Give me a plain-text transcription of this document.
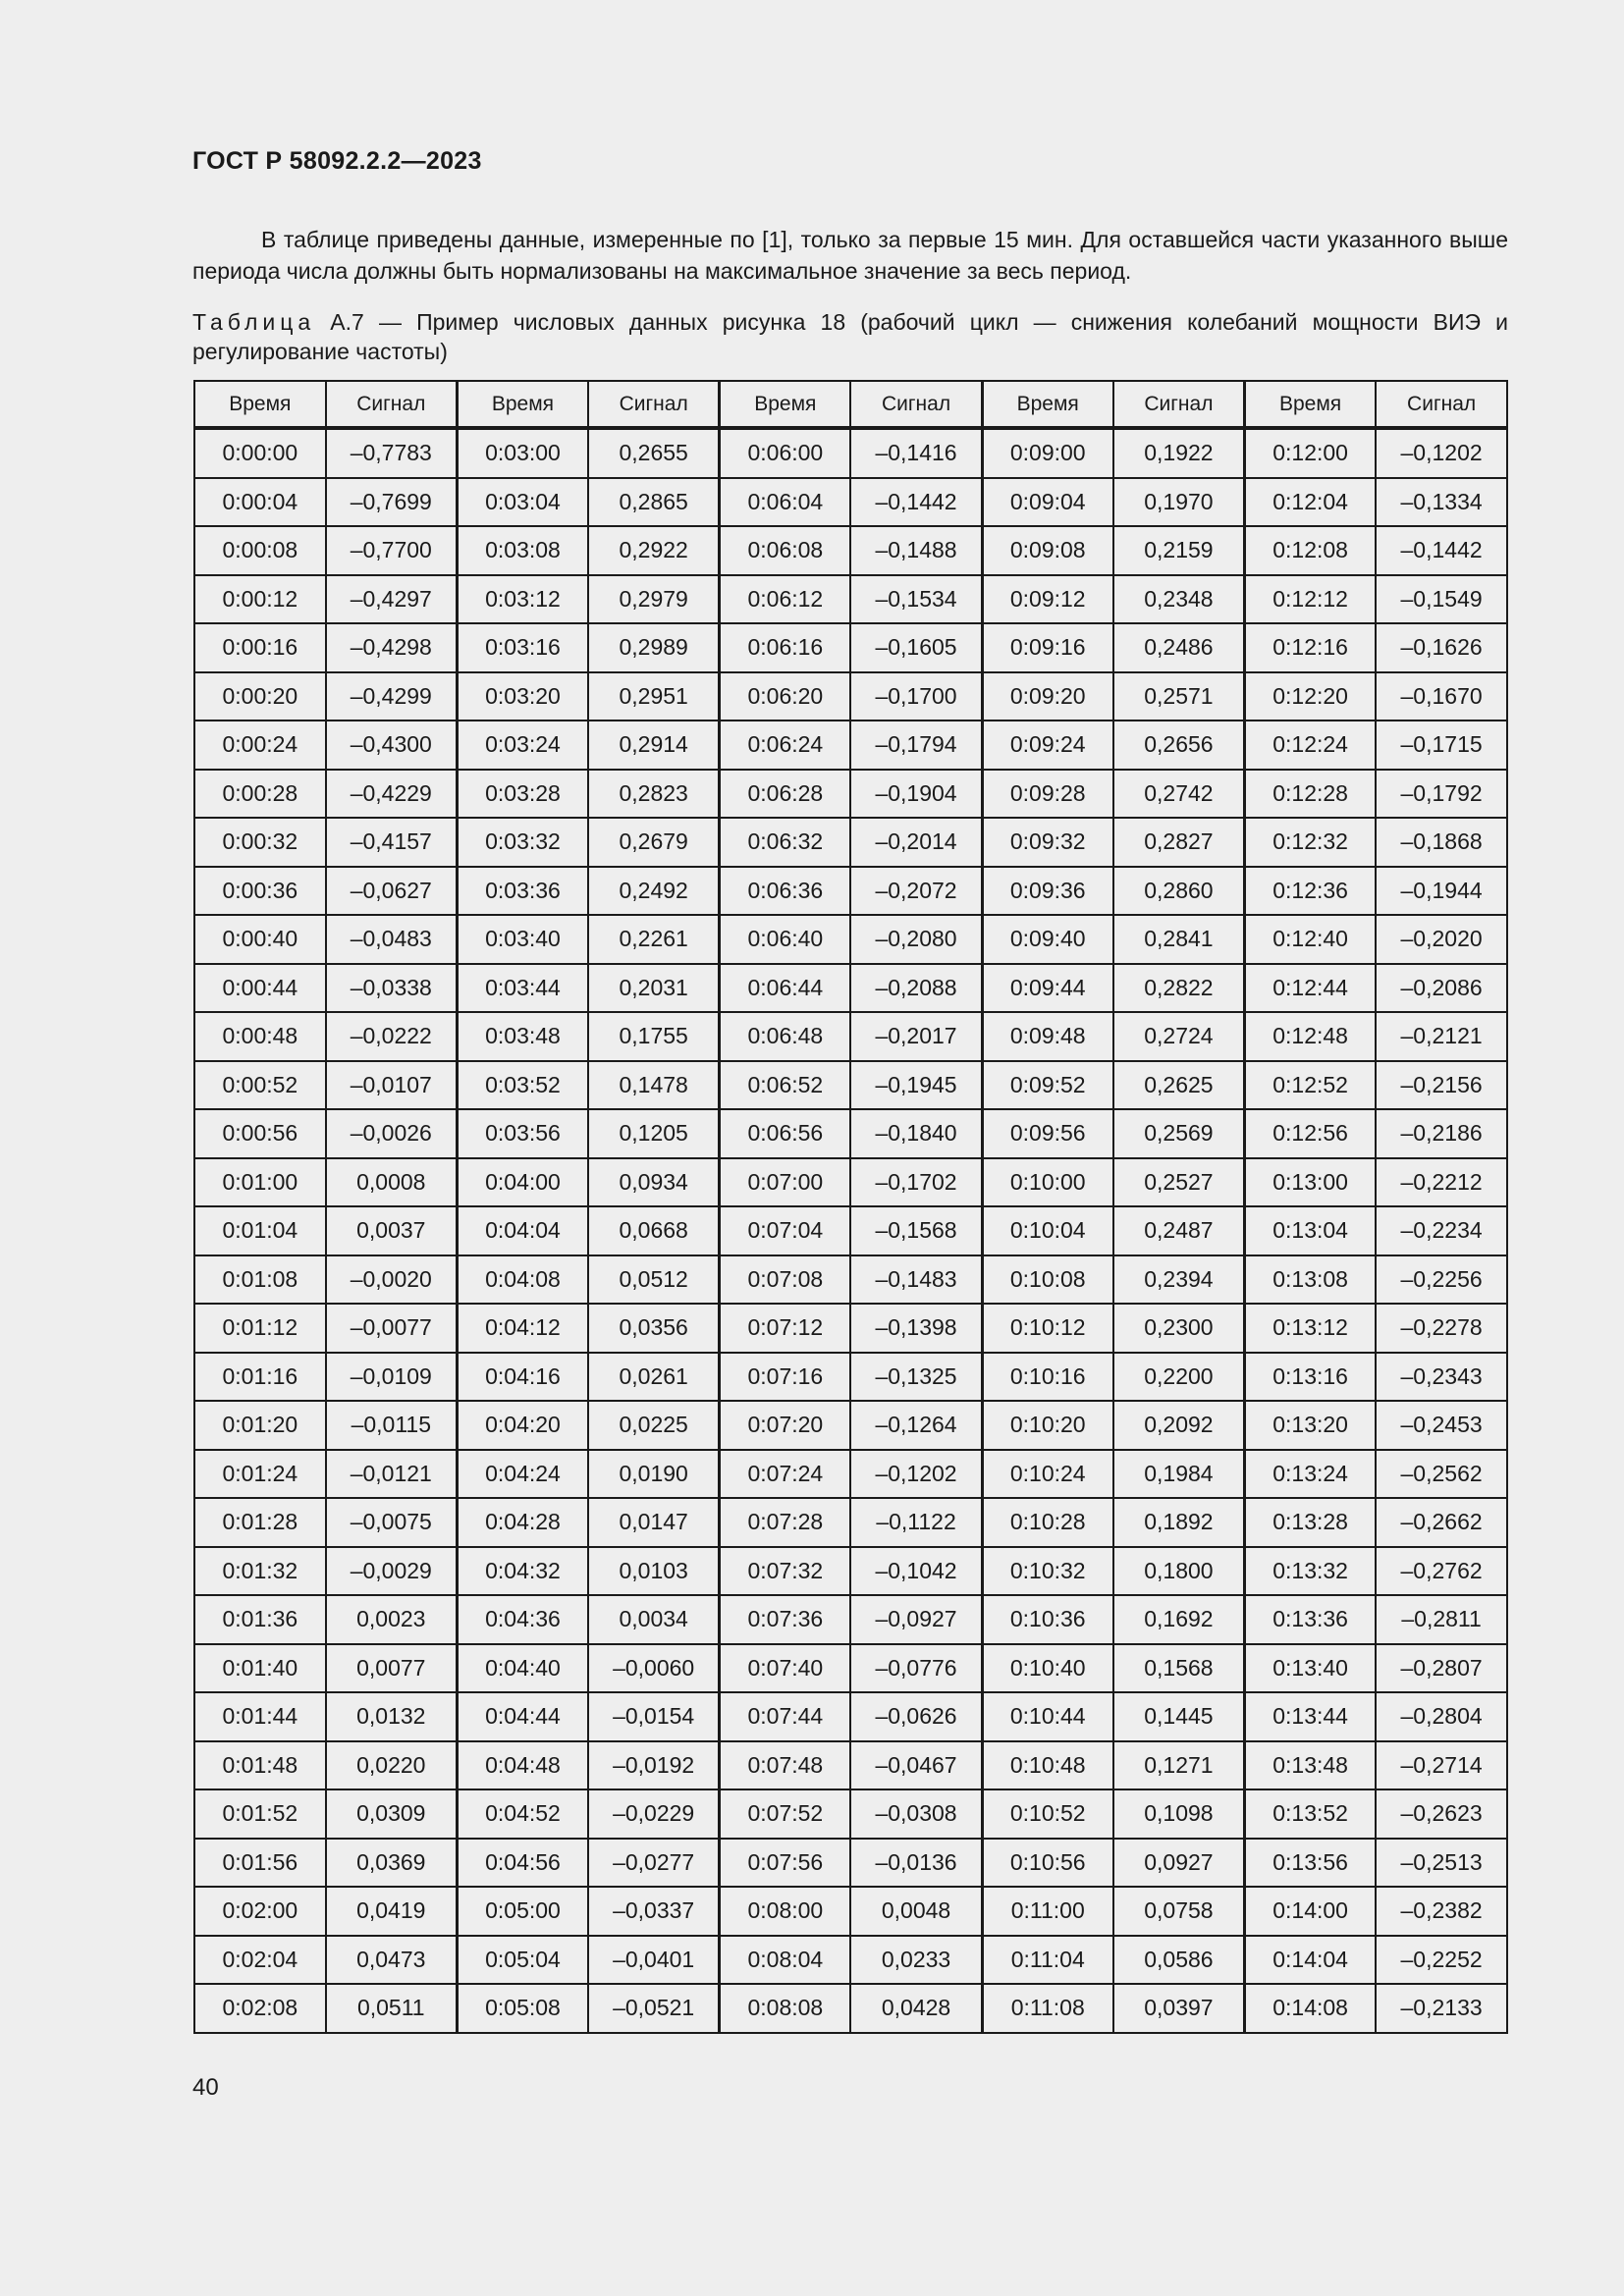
ГОСТ Р 58092.2.2—2023

В таблице приведены данные, измеренные по [1], только за первые 15 мин. Для оставшейся части указанного выше периода числа должны быть нормализованы на максимальное значение за весь период.

Таблица А.7 — Пример числовых данных рисунка 18 (рабочий цикл — снижения колебаний мощности ВИЭ и регулирование частоты)
Время	Сигнал	Время	Сигнал	Время	Сигнал	Время	Сигнал	Время	Сигнал
0:00:00	–0,7783	0:03:00	0,2655	0:06:00	–0,1416	0:09:00	0,1922	0:12:00	–0,1202
0:00:04	–0,7699	0:03:04	0,2865	0:06:04	–0,1442	0:09:04	0,1970	0:12:04	–0,1334
0:00:08	–0,7700	0:03:08	0,2922	0:06:08	–0,1488	0:09:08	0,2159	0:12:08	–0,1442
0:00:12	–0,4297	0:03:12	0,2979	0:06:12	–0,1534	0:09:12	0,2348	0:12:12	–0,1549
0:00:16	–0,4298	0:03:16	0,2989	0:06:16	–0,1605	0:09:16	0,2486	0:12:16	–0,1626
0:00:20	–0,4299	0:03:20	0,2951	0:06:20	–0,1700	0:09:20	0,2571	0:12:20	–0,1670
0:00:24	–0,4300	0:03:24	0,2914	0:06:24	–0,1794	0:09:24	0,2656	0:12:24	–0,1715
0:00:28	–0,4229	0:03:28	0,2823	0:06:28	–0,1904	0:09:28	0,2742	0:12:28	–0,1792
0:00:32	–0,4157	0:03:32	0,2679	0:06:32	–0,2014	0:09:32	0,2827	0:12:32	–0,1868
0:00:36	–0,0627	0:03:36	0,2492	0:06:36	–0,2072	0:09:36	0,2860	0:12:36	–0,1944
0:00:40	–0,0483	0:03:40	0,2261	0:06:40	–0,2080	0:09:40	0,2841	0:12:40	–0,2020
0:00:44	–0,0338	0:03:44	0,2031	0:06:44	–0,2088	0:09:44	0,2822	0:12:44	–0,2086
0:00:48	–0,0222	0:03:48	0,1755	0:06:48	–0,2017	0:09:48	0,2724	0:12:48	–0,2121
0:00:52	–0,0107	0:03:52	0,1478	0:06:52	–0,1945	0:09:52	0,2625	0:12:52	–0,2156
0:00:56	–0,0026	0:03:56	0,1205	0:06:56	–0,1840	0:09:56	0,2569	0:12:56	–0,2186
0:01:00	0,0008	0:04:00	0,0934	0:07:00	–0,1702	0:10:00	0,2527	0:13:00	–0,2212
0:01:04	0,0037	0:04:04	0,0668	0:07:04	–0,1568	0:10:04	0,2487	0:13:04	–0,2234
0:01:08	–0,0020	0:04:08	0,0512	0:07:08	–0,1483	0:10:08	0,2394	0:13:08	–0,2256
0:01:12	–0,0077	0:04:12	0,0356	0:07:12	–0,1398	0:10:12	0,2300	0:13:12	–0,2278
0:01:16	–0,0109	0:04:16	0,0261	0:07:16	–0,1325	0:10:16	0,2200	0:13:16	–0,2343
0:01:20	–0,0115	0:04:20	0,0225	0:07:20	–0,1264	0:10:20	0,2092	0:13:20	–0,2453
0:01:24	–0,0121	0:04:24	0,0190	0:07:24	–0,1202	0:10:24	0,1984	0:13:24	–0,2562
0:01:28	–0,0075	0:04:28	0,0147	0:07:28	–0,1122	0:10:28	0,1892	0:13:28	–0,2662
0:01:32	–0,0029	0:04:32	0,0103	0:07:32	–0,1042	0:10:32	0,1800	0:13:32	–0,2762
0:01:36	0,0023	0:04:36	0,0034	0:07:36	–0,0927	0:10:36	0,1692	0:13:36	–0,2811
0:01:40	0,0077	0:04:40	–0,0060	0:07:40	–0,0776	0:10:40	0,1568	0:13:40	–0,2807
0:01:44	0,0132	0:04:44	–0,0154	0:07:44	–0,0626	0:10:44	0,1445	0:13:44	–0,2804
0:01:48	0,0220	0:04:48	–0,0192	0:07:48	–0,0467	0:10:48	0,1271	0:13:48	–0,2714
0:01:52	0,0309	0:04:52	–0,0229	0:07:52	–0,0308	0:10:52	0,1098	0:13:52	–0,2623
0:01:56	0,0369	0:04:56	–0,0277	0:07:56	–0,0136	0:10:56	0,0927	0:13:56	–0,2513
0:02:00	0,0419	0:05:00	–0,0337	0:08:00	0,0048	0:11:00	0,0758	0:14:00	–0,2382
0:02:04	0,0473	0:05:04	–0,0401	0:08:04	0,0233	0:11:04	0,0586	0:14:04	–0,2252
0:02:08	0,0511	0:05:08	–0,0521	0:08:08	0,0428	0:11:08	0,0397	0:14:08	–0,2133
40
